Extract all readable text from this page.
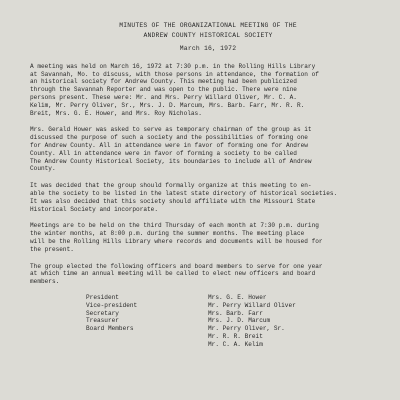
MINUTES OF THE ORGANIZATIONAL MEETING OF THE
ANDREW COUNTY HISTORICAL SOCIETY
March 16, 1972
A meeting was held on March 16, 1972 at 7:30 p.m. in the Rolling Hills Library
at Savannah, Mo. to discuss, with those persons in attendance, the formation of
an historical society for Andrew County. This meeting had been publicized
through the Savannah Reporter and was open to the public. There were nine
persons present. These were: Mr. and Mrs. Perry Willard Oliver, Mr. C. A.
Kelim, Mr. Perry Oliver, Sr., Mrs. J. D. Marcum, Mrs. Barb. Farr, Mr. R. R.
Breit, Mrs. G. E. Hower, and Mrs. Roy Nicholas.
Mrs. Gerald Hower was asked to serve as temporary chairman of the group as it
discussed the purpose of such a society and the possibilities of forming one
for Andrew County. All in attendance were in favor of forming one for Andrew
County. All in attendance were in favor of forming a society to be called
The Andrew County Historical Society, its boundaries to include all of Andrew
County.
It was decided that the group should formally organize at this meeting to en-
able the society to be listed in the latest state directory of historical societies.
It was also decided that this society should affiliate with the Missouri State
Historical Society and incorporate.
Meetings are to be held on the third Thursday of each month at 7:30 p.m. during
the winter months, at 8:00 p.m. during the summer months. The meeting place
will be the Rolling Hills Library where records and documents will be housed for
the present.
The group elected the following officers and board members to serve for one year
at which time an annual meeting will be called to elect new officers and board
members.
President	Mrs. G. E. Hower
Vice-president	Mr. Perry Willard Oliver
Secretary	Mrs. Barb. Farr
Treasurer	Mrs. J. D. Marcum
Board Members	Mr. Perry Oliver, Sr.
Mr. R. R. Breit
Mr. C. A. Kelim
